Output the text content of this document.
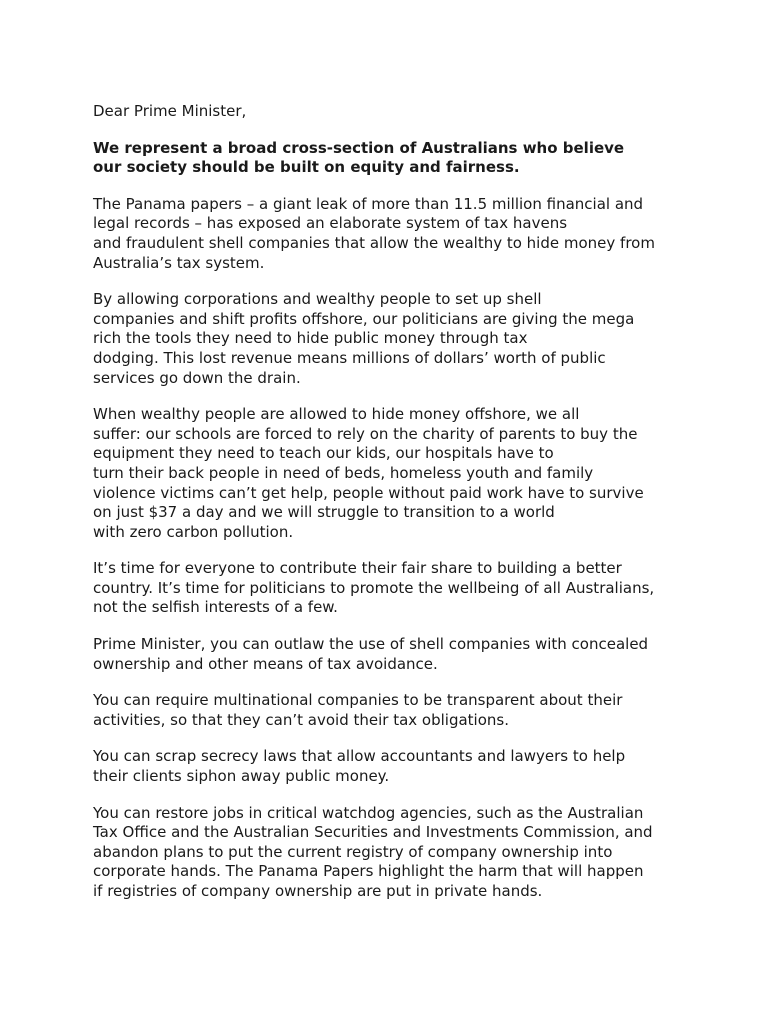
Dear Prime Minister,

We represent a broad cross-section of Australians who believe
our society should be built on equity and fairness.

The Panama papers – a giant leak of more than 11.5 million financial and
legal records – has exposed an elaborate system of tax havens
and fraudulent shell companies that allow the wealthy to hide money from
Australia’s tax system.

By allowing corporations and wealthy people to set up shell
companies and shift profits offshore, our politicians are giving the mega
rich the tools they need to hide public money through tax
dodging. This lost revenue means millions of dollars’ worth of public
services go down the drain.

When wealthy people are allowed to hide money offshore, we all
suffer: our schools are forced to rely on the charity of parents to buy the
equipment they need to teach our kids, our hospitals have to
turn their back people in need of beds, homeless youth and family
violence victims can’t get help, people without paid work have to survive
on just $37 a day and we will struggle to transition to a world
with zero carbon pollution.

It’s time for everyone to contribute their fair share to building a better
country. It’s time for politicians to promote the wellbeing of all Australians,
not the selfish interests of a few.

Prime Minister, you can outlaw the use of shell companies with concealed
ownership and other means of tax avoidance.

You can require multinational companies to be transparent about their
activities, so that they can’t avoid their tax obligations.

You can scrap secrecy laws that allow accountants and lawyers to help
their clients siphon away public money.

You can restore jobs in critical watchdog agencies, such as the Australian
Tax Office and the Australian Securities and Investments Commission, and
abandon plans to put the current registry of company ownership into
corporate hands. The Panama Papers highlight the harm that will happen
if registries of company ownership are put in private hands.
